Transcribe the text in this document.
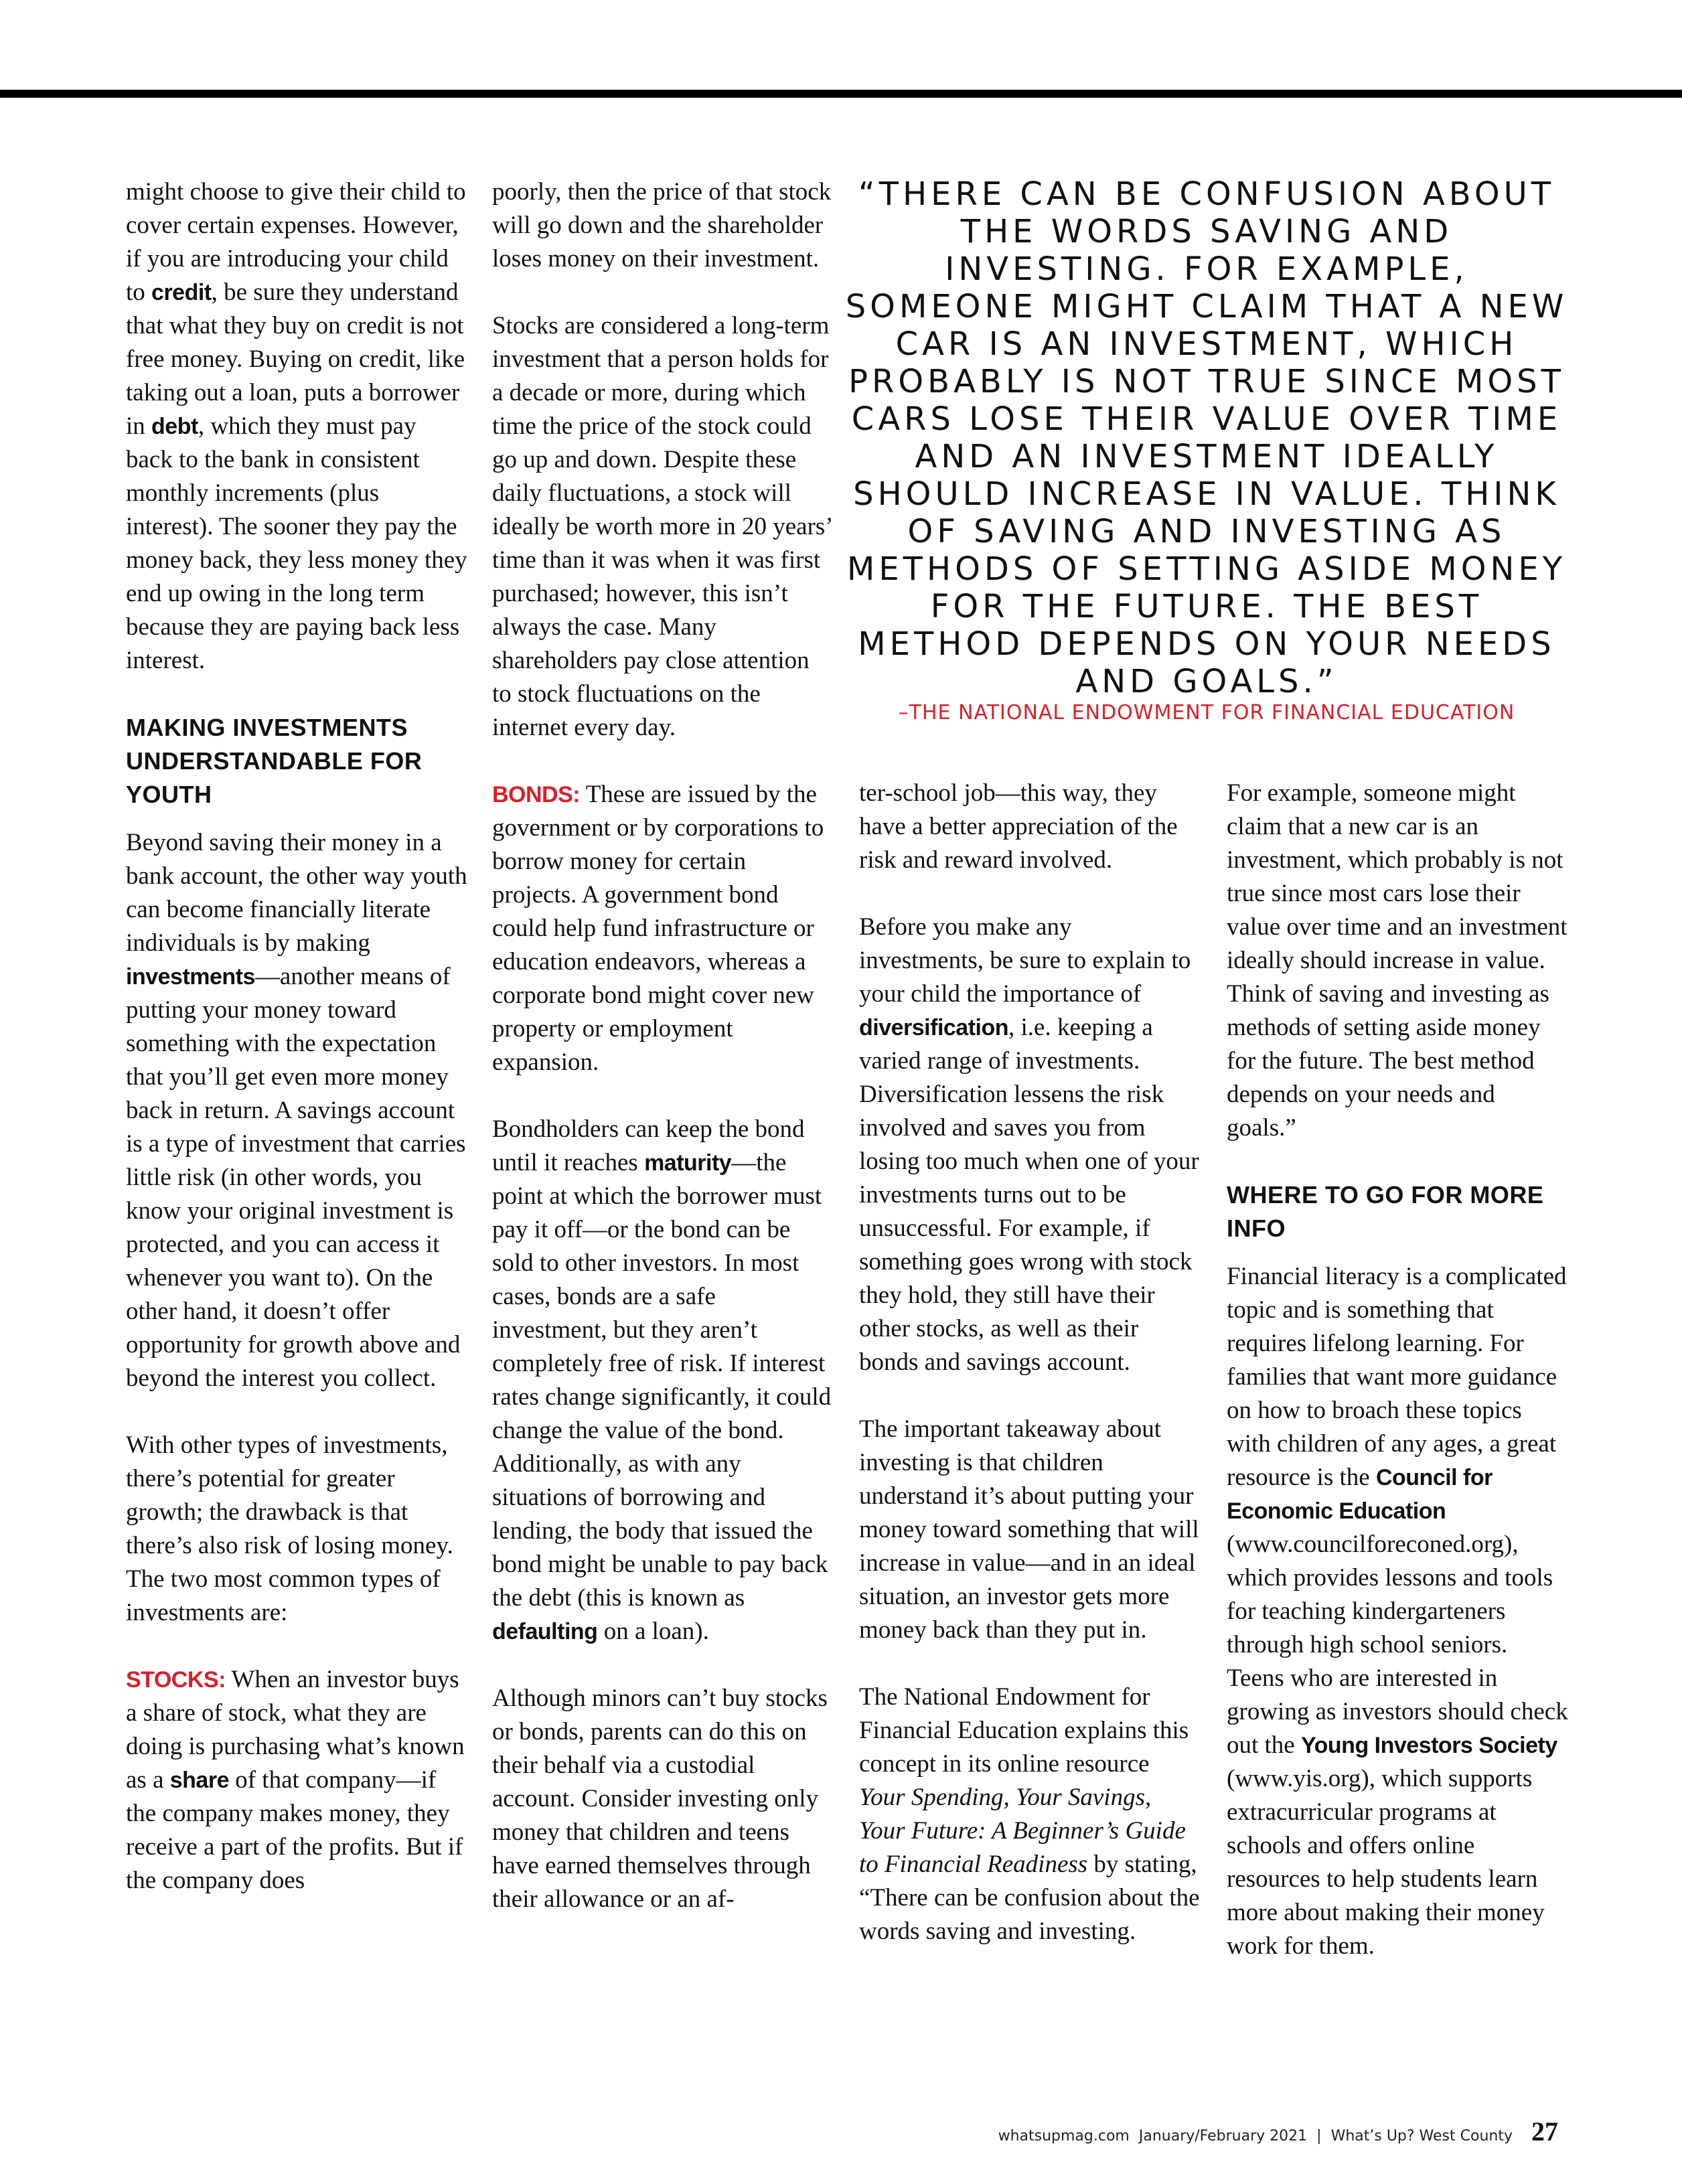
might choose to give their child to cover certain expenses. However, if you are introducing your child to credit, be sure they understand that what they buy on credit is not free money. Buying on credit, like taking out a loan, puts a borrower in debt, which they must pay back to the bank in consistent monthly increments (plus interest). The sooner they pay the money back, they less money they end up owing in the long term because they are paying back less interest.

MAKING INVESTMENTS UNDERSTANDABLE FOR YOUTH

Beyond saving their money in a bank account, the other way youth can become financially literate individuals is by making investments—another means of putting your money toward something with the expectation that you’ll get even more money back in return. A savings account is a type of investment that carries little risk (in other words, you know your original investment is protected, and you can access it whenever you want to). On the other hand, it doesn’t offer opportunity for growth above and beyond the interest you collect.

With other types of investments, there’s potential for greater growth; the drawback is that there’s also risk of losing money. The two most common types of investments are:

STOCKS: When an investor buys a share of stock, what they are doing is purchasing what’s known as a share of that company—if the company makes money, they receive a part of the profits. But if the company does

poorly, then the price of that stock will go down and the shareholder loses money on their investment.

Stocks are considered a long-term investment that a person holds for a decade or more, during which time the price of the stock could go up and down. Despite these daily fluctuations, a stock will ideally be worth more in 20 years’ time than it was when it was first purchased; however, this isn’t always the case. Many shareholders pay close attention to stock fluctuations on the internet every day.

BONDS: These are issued by the government or by corporations to borrow money for certain projects. A government bond could help fund infrastructure or education endeavors, whereas a corporate bond might cover new property or employment expansion.

Bondholders can keep the bond until it reaches maturity—the point at which the borrower must pay it off—or the bond can be sold to other investors. In most cases, bonds are a safe investment, but they aren’t completely free of risk. If interest rates change significantly, it could change the value of the bond. Additionally, as with any situations of borrowing and lending, the body that issued the bond might be unable to pay back the debt (this is known as defaulting on a loan).

Although minors can’t buy stocks or bonds, parents can do this on their behalf via a custodial account. Consider investing only money that children and teens have earned themselves through their allowance or an af-

“THERE CAN BE CONFUSION ABOUT THE WORDS SAVING AND INVESTING. FOR EXAMPLE, SOMEONE MIGHT CLAIM THAT A NEW CAR IS AN INVESTMENT, WHICH PROBABLY IS NOT TRUE SINCE MOST CARS LOSE THEIR VALUE OVER TIME AND AN INVESTMENT IDEALLY SHOULD INCREASE IN VALUE. THINK OF SAVING AND INVESTING AS METHODS OF SETTING ASIDE MONEY FOR THE FUTURE. THE BEST METHOD DEPENDS ON YOUR NEEDS AND GOALS.”
–THE NATIONAL ENDOWMENT FOR FINANCIAL EDUCATION

ter-school job—this way, they have a better appreciation of the risk and reward involved.

Before you make any investments, be sure to explain to your child the importance of diversification, i.e. keeping a varied range of investments. Diversification lessens the risk involved and saves you from losing too much when one of your investments turns out to be unsuccessful. For example, if something goes wrong with stock they hold, they still have their other stocks, as well as their bonds and savings account.

The important takeaway about investing is that children understand it’s about putting your money toward something that will increase in value—and in an ideal situation, an investor gets more money back than they put in.

The National Endowment for Financial Education explains this concept in its online resource Your Spending, Your Savings, Your Future: A Beginner’s Guide to Financial Readiness by stating, “There can be confusion about the words saving and investing.

For example, someone might claim that a new car is an investment, which probably is not true since most cars lose their value over time and an investment ideally should increase in value. Think of saving and investing as methods of setting aside money for the future. The best method depends on your needs and goals.”

WHERE TO GO FOR MORE INFO

Financial literacy is a complicated topic and is something that requires lifelong learning. For families that want more guidance on how to broach these topics with children of any ages, a great resource is the Council for Economic Education (www.councilforeconed.org), which provides lessons and tools for teaching kindergarteners through high school seniors. Teens who are interested in growing as investors should check out the Young Investors Society (www.yis.org), which supports extracurricular programs at schools and offers online resources to help students learn more about making their money work for them.

whatsupmag.com January/February 2021 | What’s Up? West County 27
